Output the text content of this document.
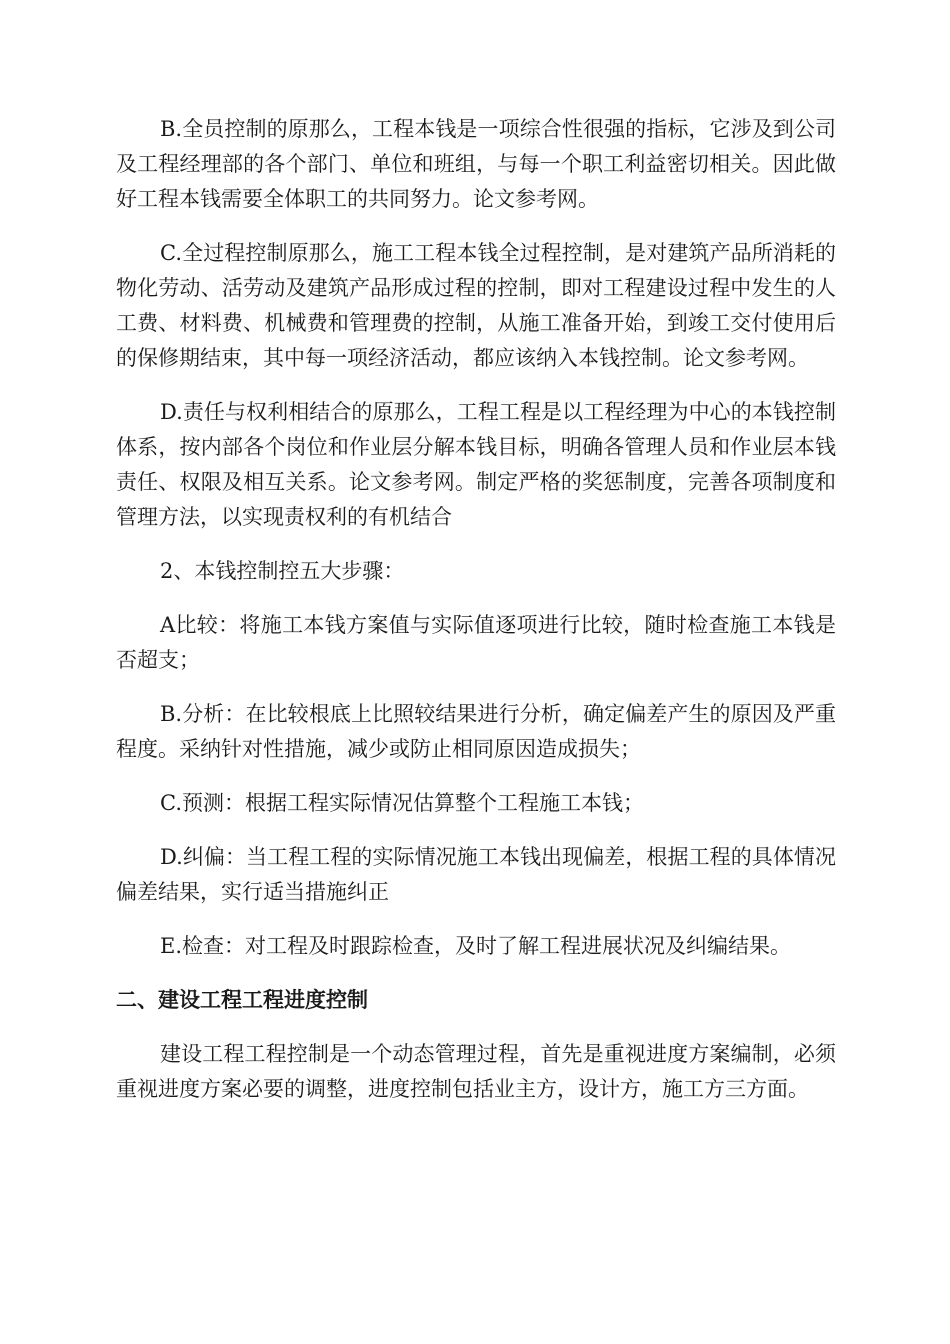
B.全员控制的原那么，工程本钱是一项综合性很强的指标，它涉及到公司及工程经理部的各个部门、单位和班组，与每一个职工利益密切相关。因此做好工程本钱需要全体职工的共同努力。论文参考网。

C.全过程控制原那么，施工工程本钱全过程控制，是对建筑产品所消耗的物化劳动、活劳动及建筑产品形成过程的控制，即对工程建设过程中发生的人工费、材料费、机械费和管理费的控制，从施工准备开始，到竣工交付使用后的保修期结束，其中每一项经济活动，都应该纳入本钱控制。论文参考网。

D.责任与权利相结合的原那么，工程工程是以工程经理为中心的本钱控制体系，按内部各个岗位和作业层分解本钱目标，明确各管理人员和作业层本钱责任、权限及相互关系。论文参考网。制定严格的奖惩制度，完善各项制度和管理方法，以实现责权利的有机结合

2、本钱控制控五大步骤：

A比较：将施工本钱方案值与实际值逐项进行比较，随时检查施工本钱是否超支；

B.分析：在比较根底上比照较结果进行分析，确定偏差产生的原因及严重程度。采纳针对性措施，减少或防止相同原因造成损失；

C.预测：根据工程实际情况估算整个工程施工本钱；

D.纠偏：当工程工程的实际情况施工本钱出现偏差，根据工程的具体情况偏差结果，实行适当措施纠正

E.检查：对工程及时跟踪检查，及时了解工程进展状况及纠编结果。

二、建设工程工程进度控制

建设工程工程控制是一个动态管理过程，首先是重视进度方案编制，必须重视进度方案必要的调整，进度控制包括业主方，设计方，施工方三方面。
